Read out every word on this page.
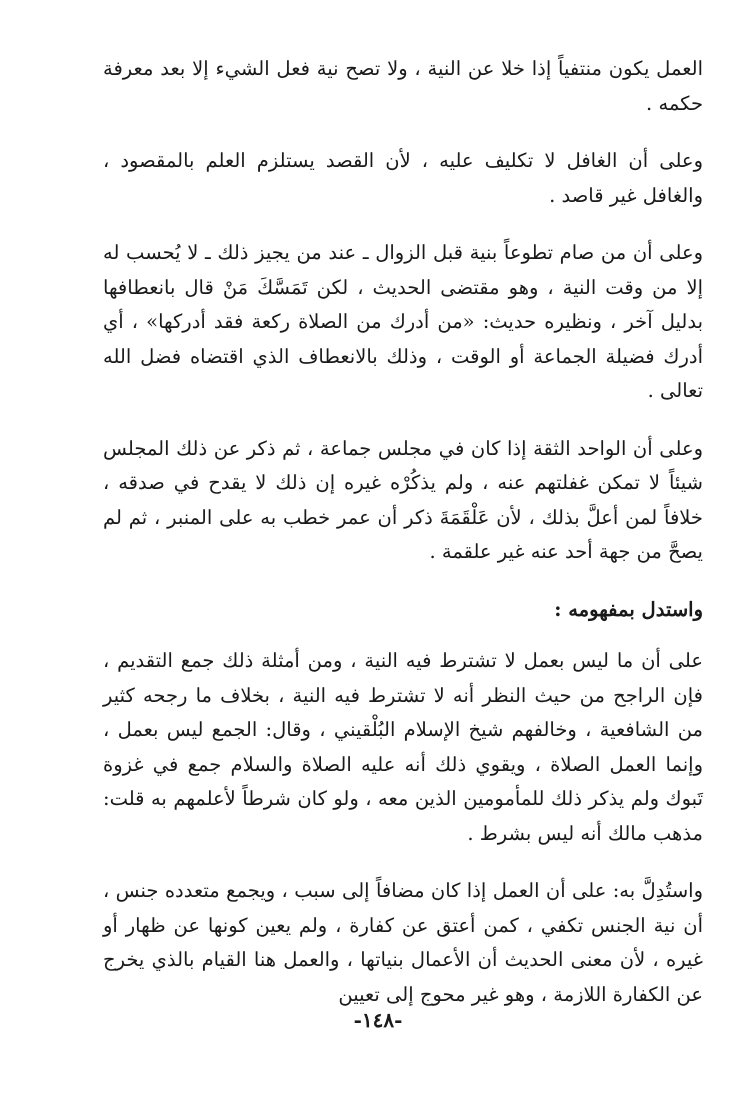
العمل يكون منتفياً إذا خلا عن النية ، ولا تصح نية فعل الشيء إلا بعد معرفة حكمه .

وعلى أن الغافل لا تكليف عليه ، لأن القصد يستلزم العلم بالمقصود ، والغافل غير قاصد .

وعلى أن من صام تطوعاً بنية قبل الزوال ـ عند من يجيز ذلك ـ لا يُحسب له إلا من وقت النية ، وهو مقتضى الحديث ، لكن تَمَسَّكَ مَنْ قال بانعطافها بدليل آخر ، ونظيره حديث: «من أدرك من الصلاة ركعة فقد أدركها» ، أي أدرك فضيلة الجماعة أو الوقت ، وذلك بالانعطاف الذي اقتضاه فضل الله تعالى .

وعلى أن الواحد الثقة إذا كان في مجلس جماعة ، ثم ذكر عن ذلك المجلس شيئاً لا تمكن غفلتهم عنه ، ولم يذكُرْه غيره إن ذلك لا يقدح في صدقه ، خلافاً لمن أعلَّ بذلك ، لأن عَلْقَمَةَ ذكر أن عمر خطب به على المنبر ، ثم لم يصحَّ من جهة أحد عنه غير علقمة .

واستدل بمفهومه :

على أن ما ليس بعمل لا تشترط فيه النية ، ومن أمثلة ذلك جمع التقديم ، فإن الراجح من حيث النظر أنه لا تشترط فيه النية ، بخلاف ما رجحه كثير من الشافعية ، وخالفهم شيخ الإسلام البُلْقيني ، وقال: الجمع ليس بعمل ، وإنما العمل الصلاة ، ويقوي ذلك أنه عليه الصلاة والسلام جمع في غزوة تَبوك ولم يذكر ذلك للمأمومين الذين معه ، ولو كان شرطاً لأعلمهم به قلت: مذهب مالك أنه ليس بشرط .

واستُدِلَّ به: على أن العمل إذا كان مضافاً إلى سبب ، ويجمع متعدده جنس ، أن نية الجنس تكفي ، كمن أعتق عن كفارة ، ولم يعين كونها عن ظهار أو غيره ، لأن معنى الحديث أن الأعمال بنياتها ، والعمل هنا القيام بالذي يخرج عن الكفارة اللازمة ، وهو غير محوج إلى تعيين

-١٤٨-
